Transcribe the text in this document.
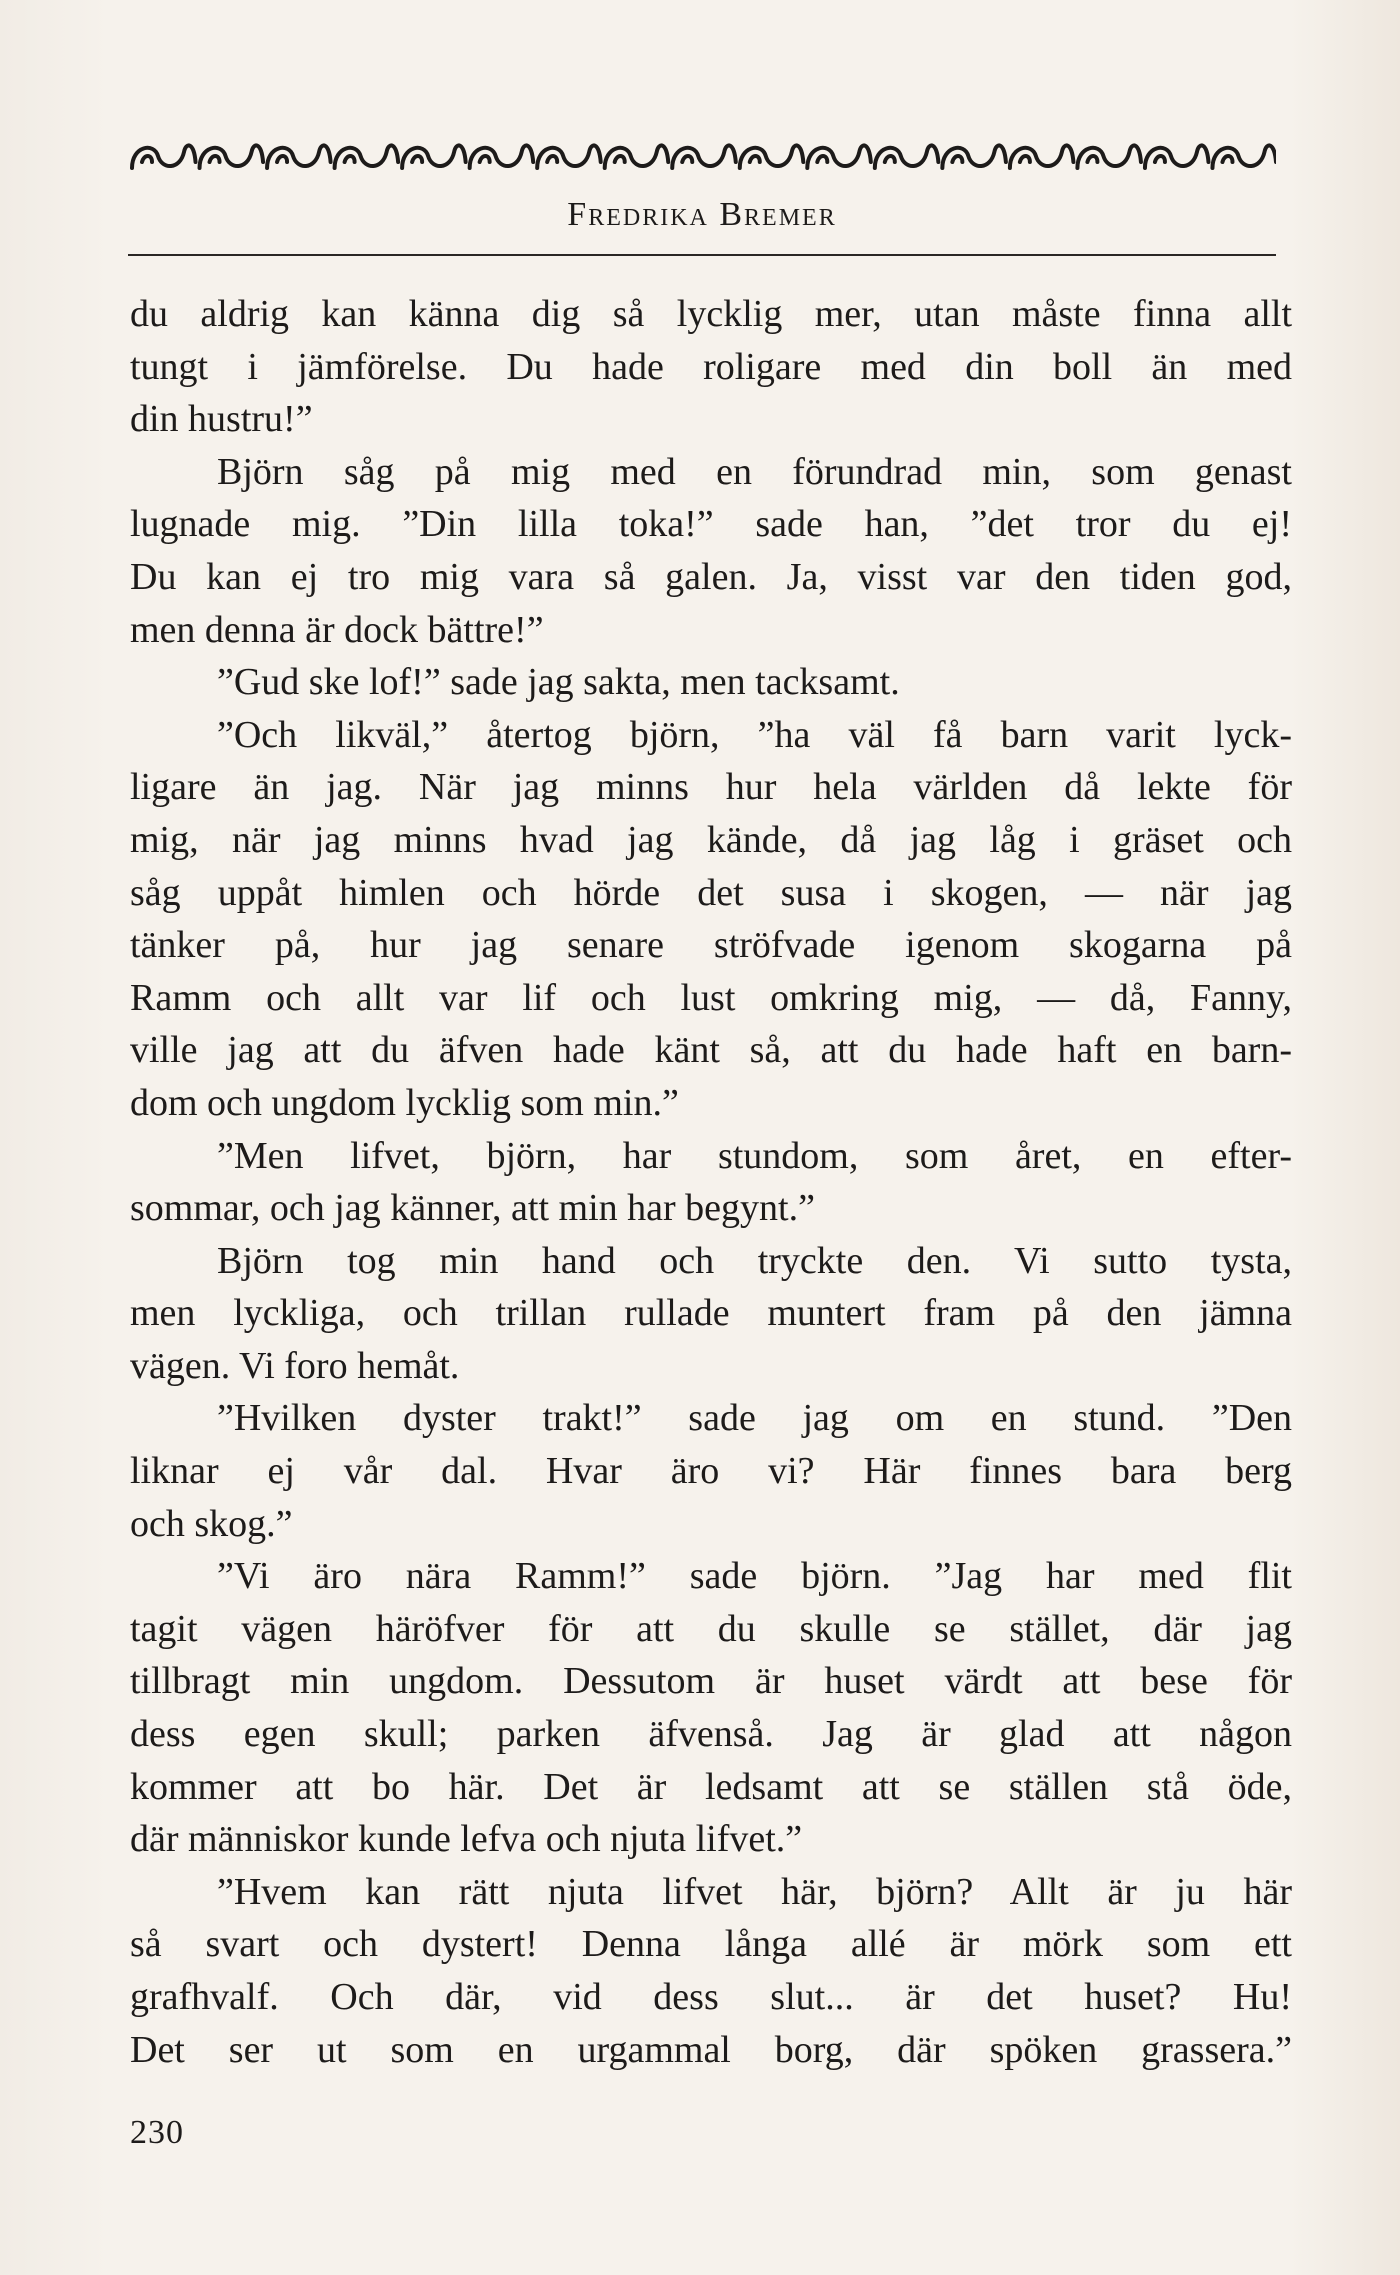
Fredrika Bremer
du aldrig kan känna dig så lycklig mer, utan måste finna allt
tungt i jämförelse. Du hade roligare med din boll än med
din hustru!”
Björn såg på mig med en förundrad min, som genast
lugnade mig. ”Din lilla toka!” sade han, ”det tror du ej!
Du kan ej tro mig vara så galen. Ja, visst var den tiden god,
men denna är dock bättre!”
”Gud ske lof!” sade jag sakta, men tacksamt.
”Och likväl,” återtog björn, ”ha väl få barn varit lyck-
ligare än jag. När jag minns hur hela världen då lekte för
mig, när jag minns hvad jag kände, då jag låg i gräset och
såg uppåt himlen och hörde det susa i skogen, — när jag
tänker på, hur jag senare ströfvade igenom skogarna på
Ramm och allt var lif och lust omkring mig, — då, Fanny,
ville jag att du äfven hade känt så, att du hade haft en barn-
dom och ungdom lycklig som min.”
”Men lifvet, björn, har stundom, som året, en efter-
sommar, och jag känner, att min har begynt.”
Björn tog min hand och tryckte den. Vi sutto tysta,
men lyckliga, och trillan rullade muntert fram på den jämna
vägen. Vi foro hemåt.
”Hvilken dyster trakt!” sade jag om en stund. ”Den
liknar ej vår dal. Hvar äro vi? Här finnes bara berg
och skog.”
”Vi äro nära Ramm!” sade björn. ”Jag har med flit
tagit vägen häröfver för att du skulle se stället, där jag
tillbragt min ungdom. Dessutom är huset värdt att bese för
dess egen skull; parken äfvenså. Jag är glad att någon
kommer att bo här. Det är ledsamt att se ställen stå öde,
där människor kunde lefva och njuta lifvet.”
”Hvem kan rätt njuta lifvet här, björn? Allt är ju här
så svart och dystert! Denna långa allé är mörk som ett
grafhvalf. Och där, vid dess slut... är det huset? Hu!
Det ser ut som en urgammal borg, där spöken grassera.”
230
